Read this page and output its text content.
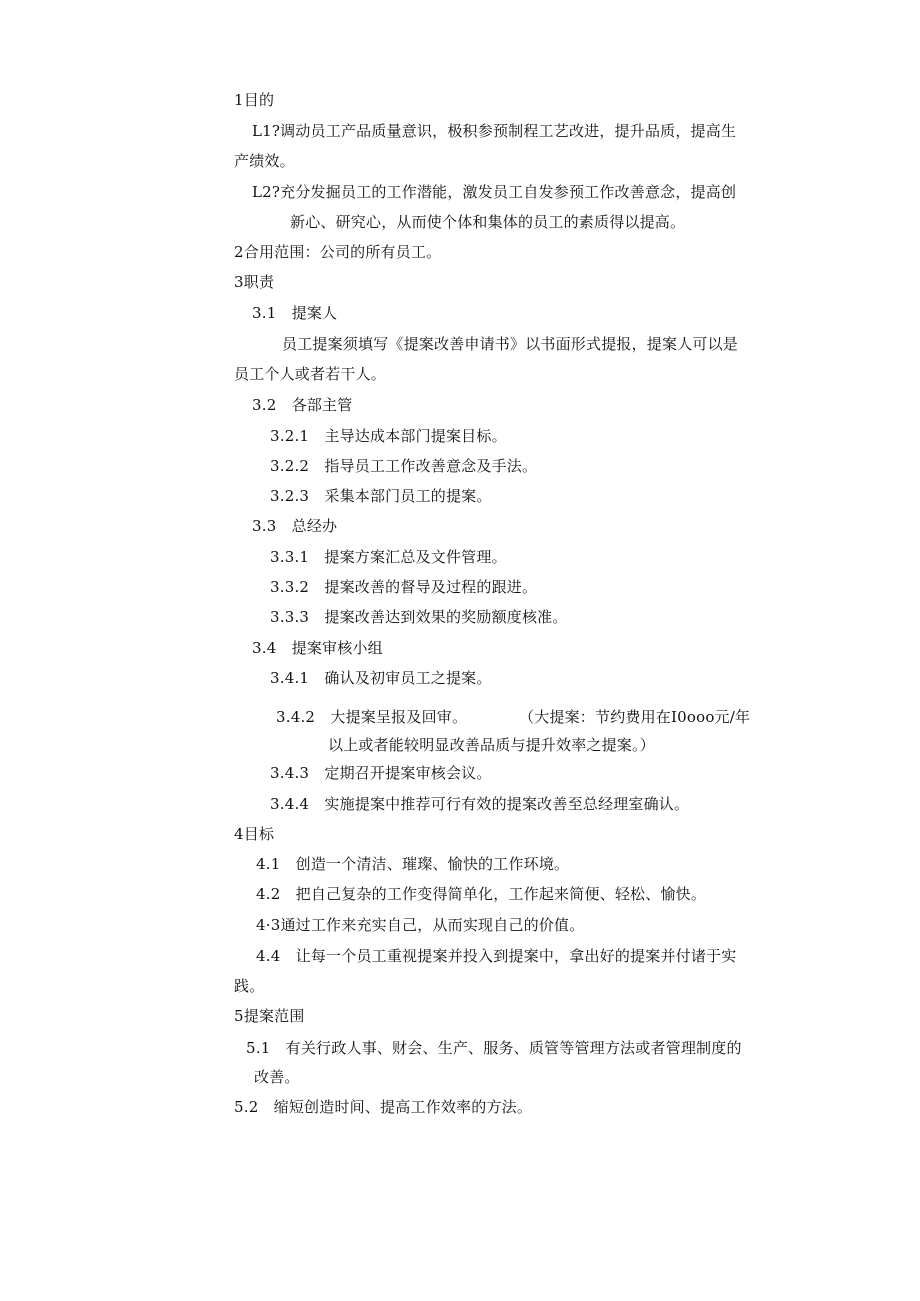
1目的
L1?调动员工产品质量意识，极积参预制程工艺改进，提升品质，提高生
产绩效。
L2?充分发掘员工的工作潜能，激发员工自发参预工作改善意念，提高创
新心、研究心，从而使个体和集体的员工的素质得以提高。
2合用范围：公司的所有员工。
3职责
3.1　提案人
员工提案须填写《提案改善申请书》以书面形式提报，提案人可以是
员工个人或者若干人。
3.2　各部主管
3.2.1　主导达成本部门提案目标。
3.2.2　指导员工工作改善意念及手法。
3.2.3　采集本部门员工的提案。
3.3　总经办
3.3.1　提案方案汇总及文件管理。
3.3.2　提案改善的督导及过程的跟进。
3.3.3　提案改善达到效果的奖励额度核准。
3.4　提案审核小组
3.4.1　确认及初审员工之提案。
3.4.2　大提案呈报及回审。	（大提案：节约费用在I0ooo元/年
以上或者能较明显改善品质与提升效率之提案。）
3.4.3　定期召开提案审核会议。
3.4.4　实施提案中推荐可行有效的提案改善至总经理室确认。
4目标
4.1　创造一个清洁、璀璨、愉快的工作环境。
4.2　把自己复杂的工作变得简单化，工作起来简便、轻松、愉快。
4·3通过工作来充实自己，从而实现自己的价值。
4.4　让每一个员工重视提案并投入到提案中，拿出好的提案并付诸于实
践。
5提案范围
5.1　有关行政人事、财会、生产、服务、质管等管理方法或者管理制度的
改善。
5.2　缩短创造时间、提高工作效率的方法。
